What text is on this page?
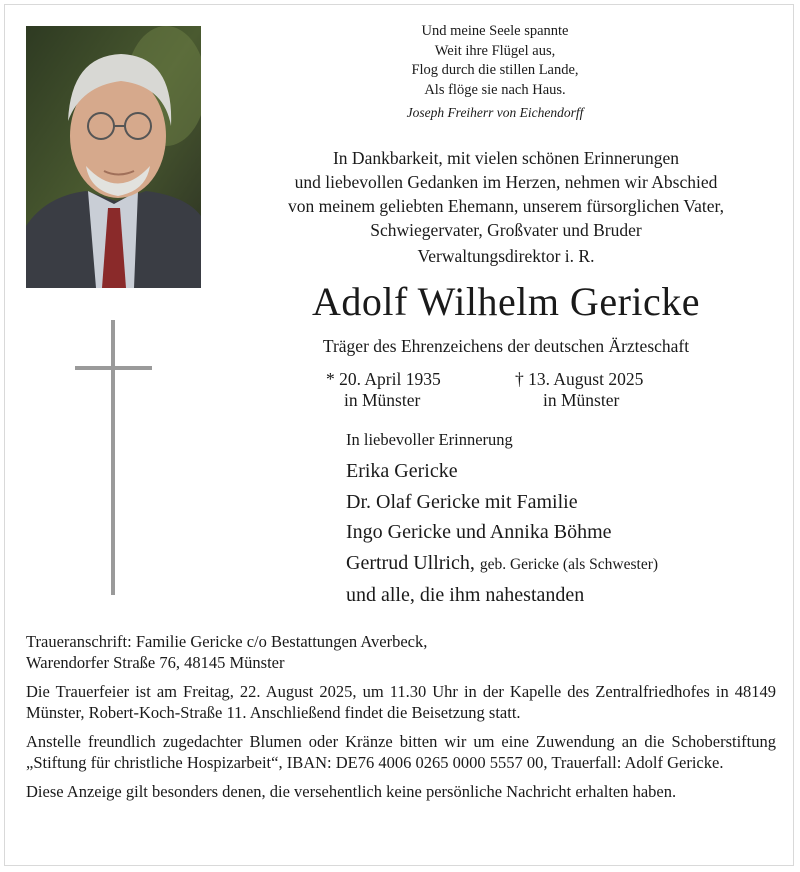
Und meine Seele spannte
Weit ihre Flügel aus,
Flog durch die stillen Lande,
Als flöge sie nach Haus.
Joseph Freiherr von Eichendorff
In Dankbarkeit, mit vielen schönen Erinnerungen
und liebevollen Gedanken im Herzen, nehmen wir Abschied
von meinem geliebten Ehemann, unserem fürsorglichen Vater,
Schwiegervater, Großvater und Bruder
Verwaltungsdirektor i. R.
Adolf Wilhelm Gericke
Träger des Ehrenzeichens der deutschen Ärzteschaft
* 20. April 1935
in Münster
† 13. August 2025
in Münster
In liebevoller Erinnerung
Erika Gericke
Dr. Olaf Gericke mit Familie
Ingo Gericke und Annika Böhme
Gertrud Ullrich, geb. Gericke (als Schwester)
und alle, die ihm nahestanden

Traueranschrift: Familie Gericke c/o Bestattungen Averbeck,
Warendorfer Straße 76, 48145 Münster

Die Trauerfeier ist am Freitag, 22. August 2025, um 11.30 Uhr in der Kapelle des Zentralfriedhofes in 48149 Münster, Robert-Koch-Straße 11. Anschließend findet die Beisetzung statt.

Anstelle freundlich zugedachter Blumen oder Kränze bitten wir um eine Zuwendung an die Schoberstiftung „Stiftung für christliche Hospizarbeit“, IBAN: DE76 4006 0265 0000 5557 00, Trauerfall: Adolf Gericke.

Diese Anzeige gilt besonders denen, die versehentlich keine persönliche Nachricht erhalten haben.
